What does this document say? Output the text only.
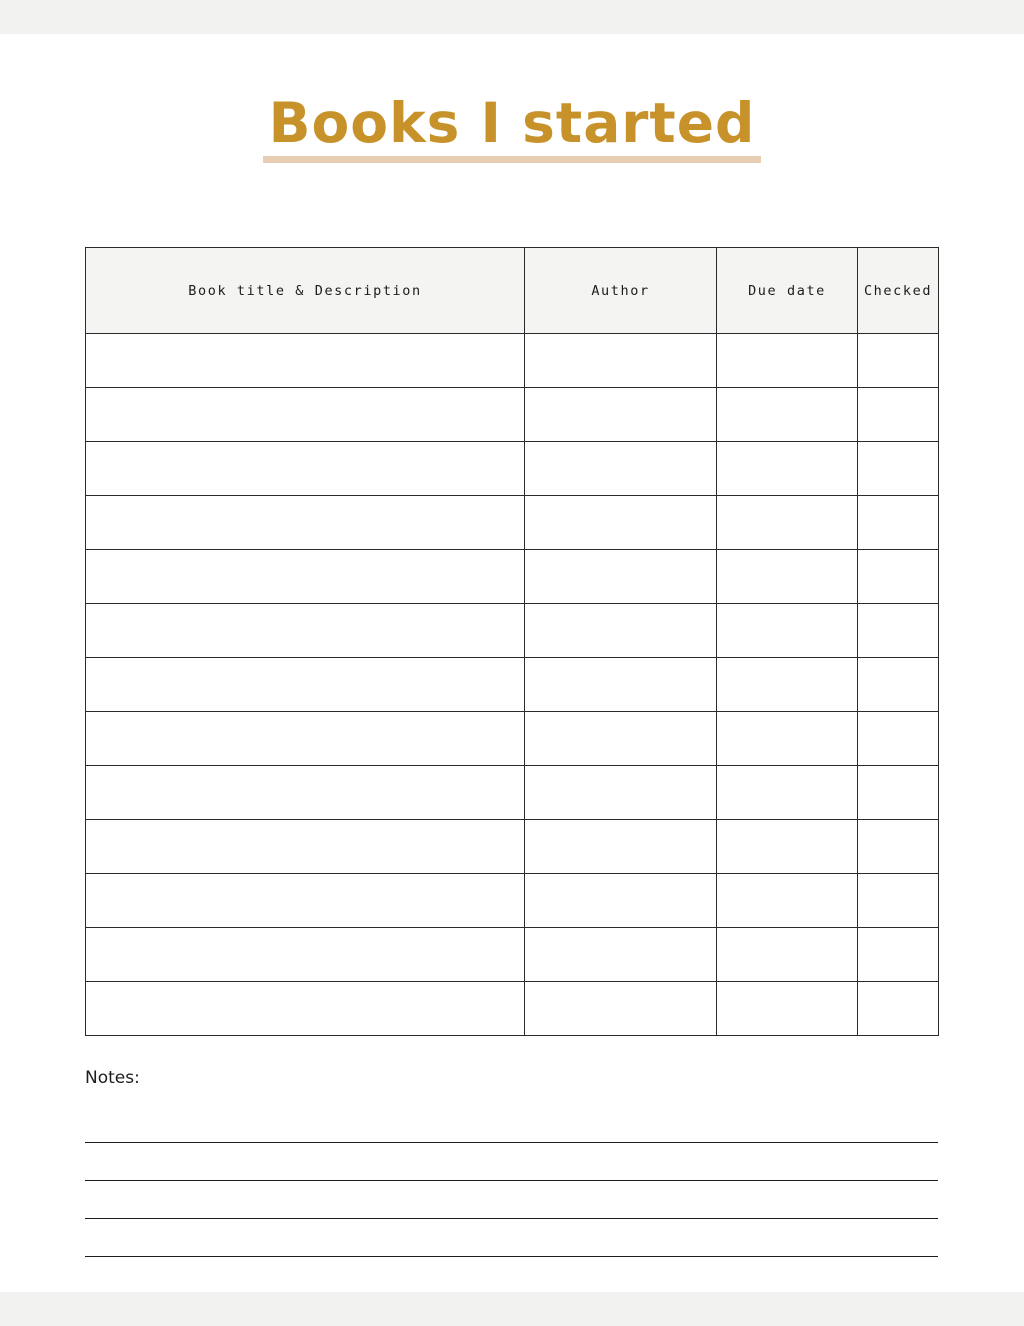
Books I started
Book title & Description	Author	Due date	Checked

Notes:
